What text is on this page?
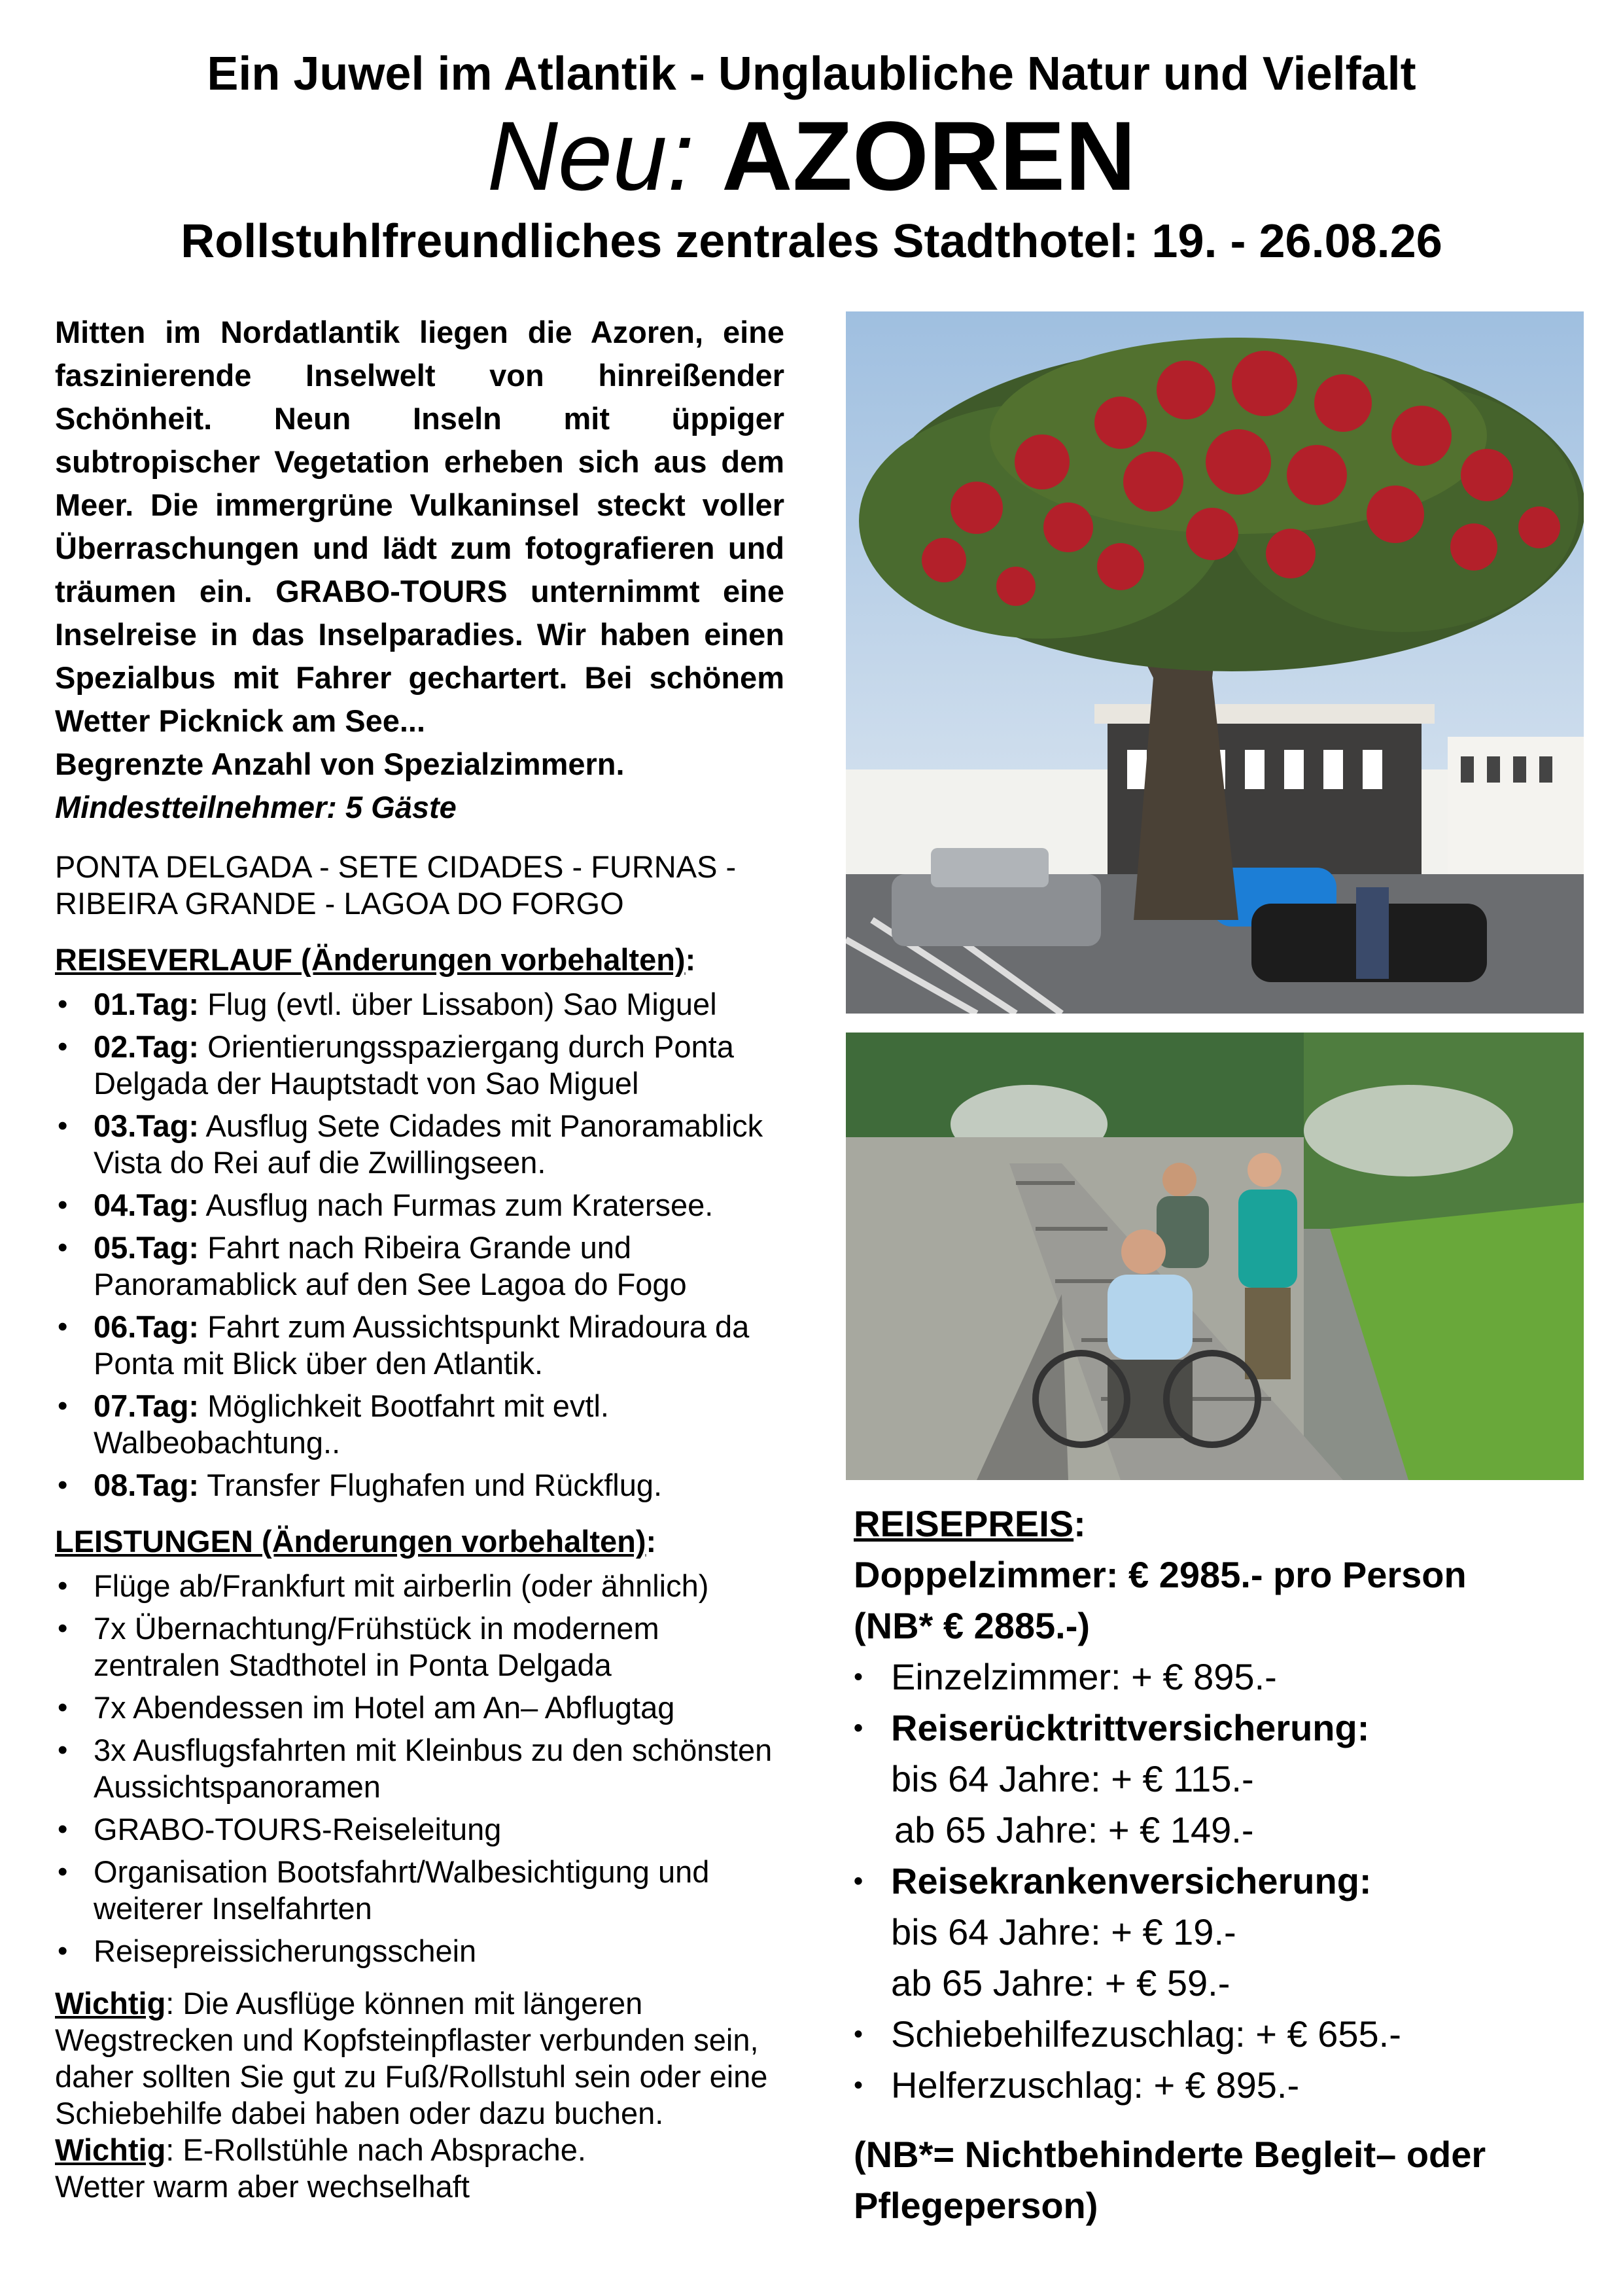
Ein Juwel im Atlantik - Unglaubliche Natur und Vielfalt
Neu: AZOREN
Rollstuhlfreundliches zentrales Stadthotel: 19. - 26.08.26

Mitten im Nordatlantik liegen die Azoren, eine faszinierende Inselwelt von hinreißender Schönheit. Neun Inseln mit üppiger subtropischer Vegetation erheben sich aus dem Meer. Die immergrüne Vulkaninsel steckt voller Überraschungen und lädt zum fotografieren und träumen ein. GRABO-TOURS unternimmt eine Inselreise in das Inselparadies. Wir haben einen Spezialbus mit Fahrer gechartert. Bei schönem Wetter Picknick am See...

Begrenzte Anzahl von Spezialzimmern.

Mindestteilnehmer: 5 Gäste

PONTA DELGADA - SETE CIDADES - FURNAS -
RIBEIRA GRANDE - LAGOA DO FORGO
REISEVERLAUF (Änderungen vorbehalten):
• 01.Tag: Flug (evtl. über Lissabon) Sao Miguel
• 02.Tag: Orientierungsspaziergang durch Ponta Delgada der Hauptstadt von Sao Miguel
• 03.Tag: Ausflug Sete Cidades mit Panoramablick Vista do Rei auf die Zwillingseen.
• 04.Tag: Ausflug nach Furmas zum Kratersee.
• 05.Tag: Fahrt nach Ribeira Grande und Panoramablick auf den See Lagoa do Fogo
• 06.Tag: Fahrt zum Aussichtspunkt Miradoura da Ponta mit Blick über den Atlantik.
• 07.Tag: Möglichkeit Bootfahrt mit evtl. Walbeobachtung..
• 08.Tag: Transfer Flughafen und Rückflug.
LEISTUNGEN (Änderungen vorbehalten):
• Flüge ab/Frankfurt mit airberlin (oder ähnlich)
• 7x Übernachtung/Frühstück in modernem zentralen Stadthotel in Ponta Delgada
• 7x Abendessen im Hotel am An– Abflugtag
• 3x Ausflugsfahrten mit Kleinbus zu den schönsten Aussichtspanoramen
• GRABO-TOURS-Reiseleitung
• Organisation Bootsfahrt/Walbesichtigung und weiterer Inselfahrten
• Reisepreissicherungsschein
Wichtig: Die Ausflüge können mit längeren Wegstrecken und Kopfsteinpflaster verbunden sein, daher sollten Sie gut zu Fuß/Rollstuhl sein oder eine Schiebehilfe dabei haben oder dazu buchen.
Wichtig: E-Rollstühle nach Absprache.
Wetter warm aber wechselhaft
REISEPREIS:
Doppelzimmer: € 2985.- pro Person
(NB* € 2885.-)
• Einzelzimmer: + € 895.-
• Reiserücktrittversicherung:
bis 64 Jahre: + € 115.-
ab 65 Jahre: + € 149.-
• Reisekrankenversicherung:
bis 64 Jahre: + € 19.-
ab 65 Jahre: + € 59.-
• Schiebehilfezuschlag: + € 655.-
• Helferzuschlag: + € 895.-
(NB*= Nichtbehinderte Begleit– oder Pflegeperson)
